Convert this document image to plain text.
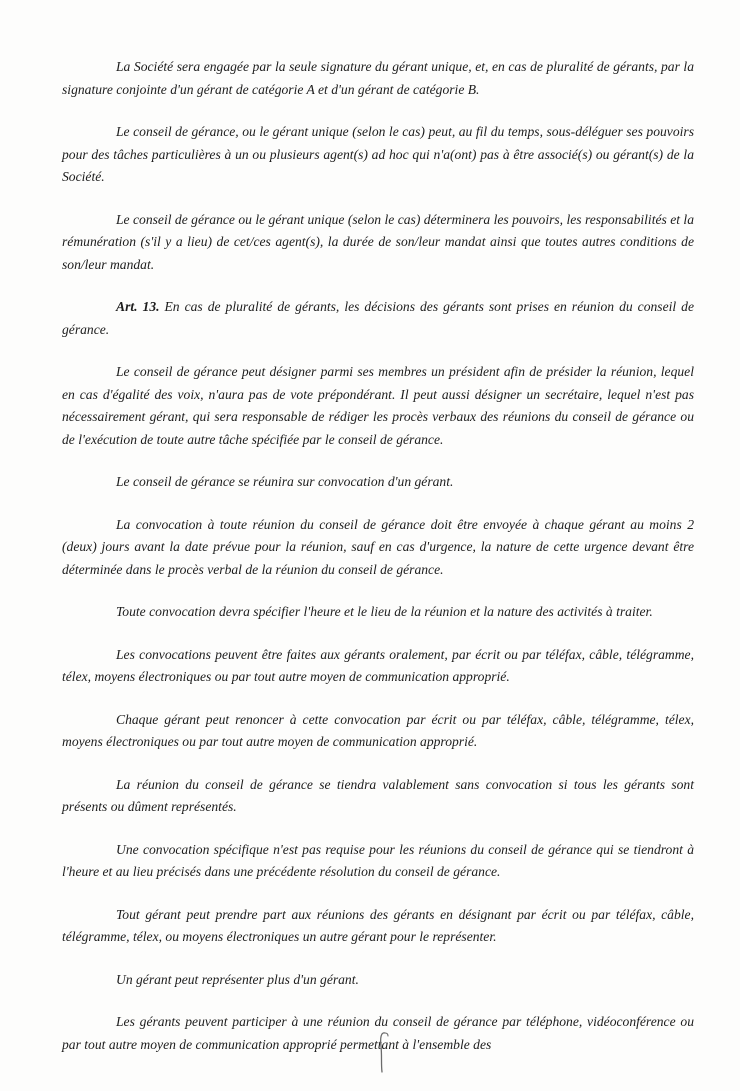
La Société sera engagée par la seule signature du gérant unique, et, en cas de pluralité de gérants, par la signature conjointe d'un gérant de catégorie A et d'un gérant de catégorie B.

Le conseil de gérance, ou le gérant unique (selon le cas) peut, au fil du temps, sous-déléguer ses pouvoirs pour des tâches particulières à un ou plusieurs agent(s) ad hoc qui n'a(ont) pas à être associé(s) ou gérant(s) de la Société.

Le conseil de gérance ou le gérant unique (selon le cas) déterminera les pouvoirs, les responsabilités et la rémunération (s'il y a lieu) de cet/ces agent(s), la durée de son/leur mandat ainsi que toutes autres conditions de son/leur mandat.

Art. 13. En cas de pluralité de gérants, les décisions des gérants sont prises en réunion du conseil de gérance.

Le conseil de gérance peut désigner parmi ses membres un président afin de présider la réunion, lequel en cas d'égalité des voix, n'aura pas de vote prépondérant. Il peut aussi désigner un secrétaire, lequel n'est pas nécessairement gérant, qui sera responsable de rédiger les procès verbaux des réunions du conseil de gérance ou de l'exécution de toute autre tâche spécifiée par le conseil de gérance.

Le conseil de gérance se réunira sur convocation d'un gérant.

La convocation à toute réunion du conseil de gérance doit être envoyée à chaque gérant au moins 2 (deux) jours avant la date prévue pour la réunion, sauf en cas d'urgence, la nature de cette urgence devant être déterminée dans le procès verbal de la réunion du conseil de gérance.

Toute convocation devra spécifier l'heure et le lieu de la réunion et la nature des activités à traiter.

Les convocations peuvent être faites aux gérants oralement, par écrit ou par téléfax, câble, télégramme, télex, moyens électroniques ou par tout autre moyen de communication approprié.

Chaque gérant peut renoncer à cette convocation par écrit ou par téléfax, câble, télégramme, télex, moyens électroniques ou par tout autre moyen de communication approprié.

La réunion du conseil de gérance se tiendra valablement sans convocation si tous les gérants sont présents ou dûment représentés.

Une convocation spécifique n'est pas requise pour les réunions du conseil de gérance qui se tiendront à l'heure et au lieu précisés dans une précédente résolution du conseil de gérance.

Tout gérant peut prendre part aux réunions des gérants en désignant par écrit ou par téléfax, câble, télégramme, télex, ou moyens électroniques un autre gérant pour le représenter.

Un gérant peut représenter plus d'un gérant.

Les gérants peuvent participer à une réunion du conseil de gérance par téléphone, vidéoconférence ou par tout autre moyen de communication approprié permettant à l'ensemble des
